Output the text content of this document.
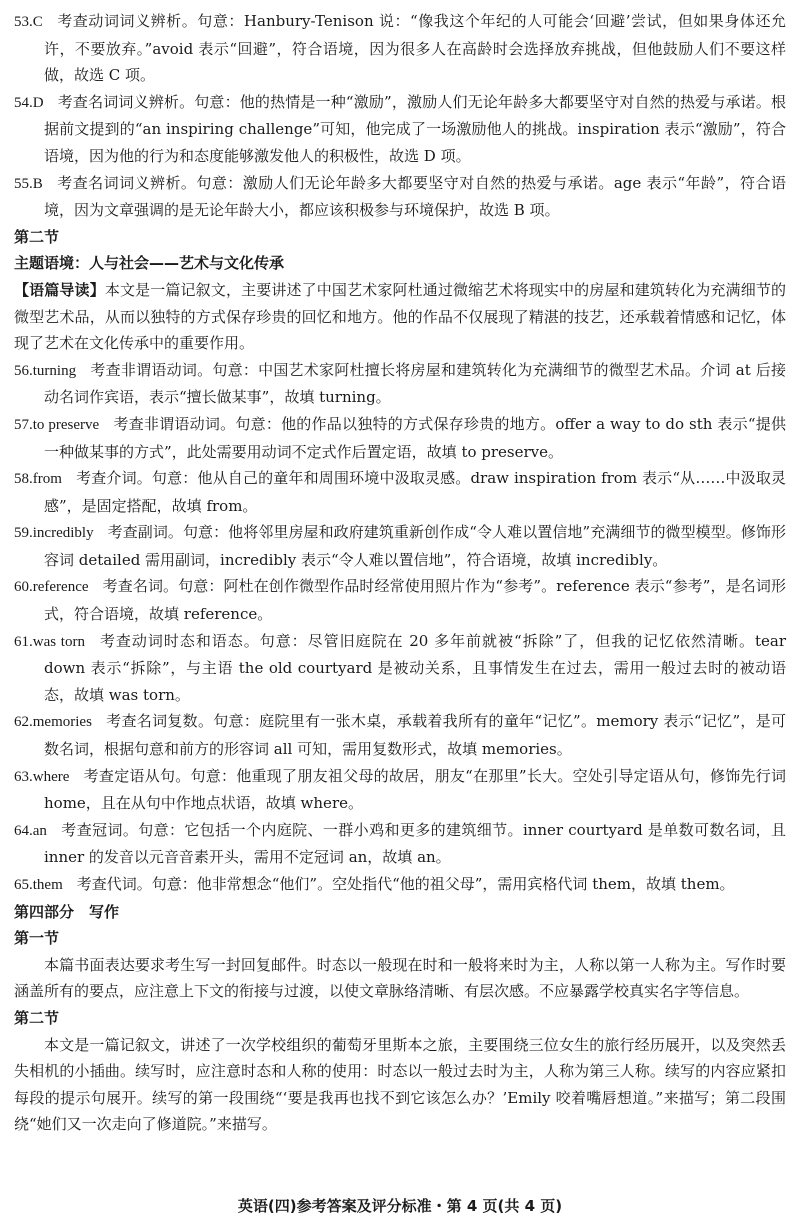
53.C 考查动词词义辨析。句意：Hanbury-Tenison 说：“像我这个年纪的人可能会‘回避’尝试，但如果身体还允许，不要放弃。”avoid 表示“回避”，符合语境，因为很多人在高龄时会选择放弃挑战，但他鼓励人们不要这样做，故选 C 项。
54.D 考查名词词义辨析。句意：他的热情是一种“激励”，激励人们无论年龄多大都要坚守对自然的热爱与承诺。根据前文提到的“an inspiring challenge”可知，他完成了一场激励他人的挑战。inspiration 表示“激励”，符合语境，因为他的行为和态度能够激发他人的积极性，故选 D 项。
55.B 考查名词词义辨析。句意：激励人们无论年龄多大都要坚守对自然的热爱与承诺。age 表示“年龄”，符合语境，因为文章强调的是无论年龄大小，都应该积极参与环境保护，故选 B 项。
第二节
主题语境：人与社会——艺术与文化传承
【语篇导读】本文是一篇记叙文，主要讲述了中国艺术家阿杜通过微缩艺术将现实中的房屋和建筑转化为充满细节的微型艺术品，从而以独特的方式保存珍贵的回忆和地方。他的作品不仅展现了精湛的技艺，还承载着情感和记忆，体现了艺术在文化传承中的重要作用。
56.turning 考查非谓语动词。句意：中国艺术家阿杜擅长将房屋和建筑转化为充满细节的微型艺术品。介词 at 后接动名词作宾语，表示“擅长做某事”，故填 turning。
57.to preserve 考查非谓语动词。句意：他的作品以独特的方式保存珍贵的地方。offer a way to do sth 表示“提供一种做某事的方式”，此处需要用动词不定式作后置定语，故填 to preserve。
58.from 考查介词。句意：他从自己的童年和周围环境中汲取灵感。draw inspiration from 表示“从……中汲取灵感”，是固定搭配，故填 from。
59.incredibly 考查副词。句意：他将邻里房屋和政府建筑重新创作成“令人难以置信地”充满细节的微型模型。修饰形容词 detailed 需用副词，incredibly 表示“令人难以置信地”，符合语境，故填 incredibly。
60.reference 考查名词。句意：阿杜在创作微型作品时经常使用照片作为“参考”。reference 表示“参考”，是名词形式，符合语境，故填 reference。
61.was torn 考查动词时态和语态。句意：尽管旧庭院在 20 多年前就被“拆除”了，但我的记忆依然清晰。tear down 表示“拆除”，与主语 the old courtyard 是被动关系，且事情发生在过去，需用一般过去时的被动语态，故填 was torn。
62.memories 考查名词复数。句意：庭院里有一张木桌，承载着我所有的童年“记忆”。memory 表示“记忆”，是可数名词，根据句意和前方的形容词 all 可知，需用复数形式，故填 memories。
63.where 考查定语从句。句意：他重现了朋友祖父母的故居，朋友“在那里”长大。空处引导定语从句，修饰先行词 home，且在从句中作地点状语，故填 where。
64.an 考查冠词。句意：它包括一个内庭院、一群小鸡和更多的建筑细节。inner courtyard 是单数可数名词，且 inner 的发音以元音音素开头，需用不定冠词 an，故填 an。
65.them 考查代词。句意：他非常想念“他们”。空处指代“他的祖父母”，需用宾格代词 them，故填 them。
第四部分　写作
第一节
本篇书面表达要求考生写一封回复邮件。时态以一般现在时和一般将来时为主，人称以第一人称为主。写作时要涵盖所有的要点，应注意上下文的衔接与过渡，以使文章脉络清晰、有层次感。不应暴露学校真实名字等信息。
第二节
本文是一篇记叙文，讲述了一次学校组织的葡萄牙里斯本之旅，主要围绕三位女生的旅行经历展开，以及突然丢失相机的小插曲。续写时，应注意时态和人称的使用：时态以一般过去时为主，人称为第三人称。续写的内容应紧扣每段的提示句展开。续写的第一段围绕“‘要是我再也找不到它该怎么办？’Emily 咬着嘴唇想道。”来描写；第二段围绕“她们又一次走向了修道院。”来描写。
英语(四)参考答案及评分标准・第 4 页(共 4 页)
